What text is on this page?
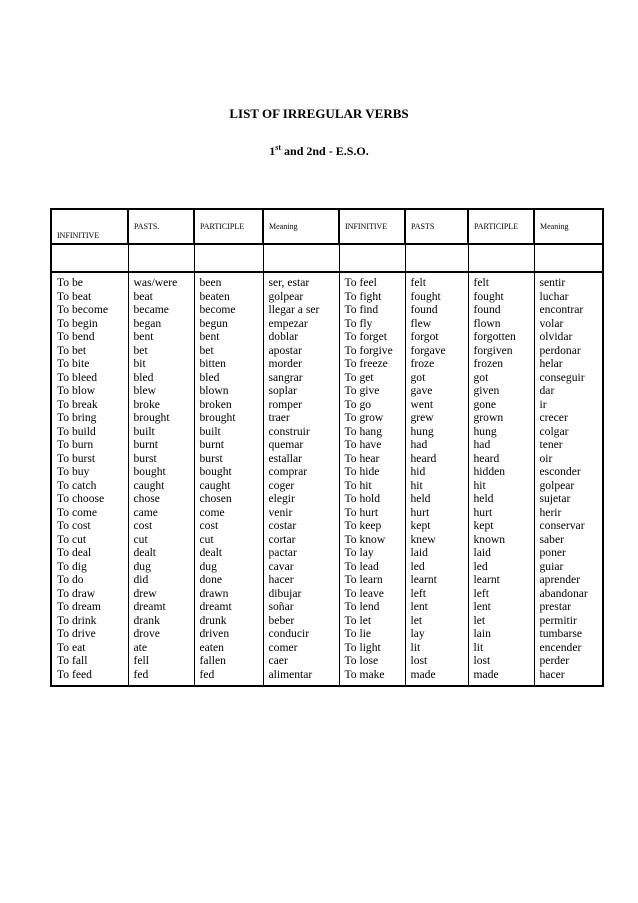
LIST OF IRREGULAR VERBS
1st and 2nd - E.S.O.
INFINITIVE	PASTS.	PARTICIPLE	Meaning	INFINITIVE	PASTS	PARTICIPLE	Meaning

To be	was/were	been	ser, estar	To feel	felt	felt	sentir
To beat	beat	beaten	golpear	To fight	fought	fought	luchar
To become	became	become	llegar a ser	To find	found	found	encontrar
To begin	began	begun	empezar	To fly	flew	flown	volar
To bend	bent	bent	doblar	To forget	forgot	forgotten	olvidar
To bet	bet	bet	apostar	To forgive	forgave	forgiven	perdonar
To bite	bit	bitten	morder	To freeze	froze	frozen	helar
To bleed	bled	bled	sangrar	To get	got	got	conseguir
To blow	blew	blown	soplar	To give	gave	given	dar
To break	broke	broken	romper	To go	went	gone	ir
To bring	brought	brought	traer	To grow	grew	grown	crecer
To build	built	built	construir	To hang	hung	hung	colgar
To burn	burnt	burnt	quemar	To have	had	had	tener
To burst	burst	burst	estallar	To hear	heard	heard	oir
To buy	bought	bought	comprar	To hide	hid	hidden	esconder
To catch	caught	caught	coger	To hit	hit	hit	golpear
To choose	chose	chosen	elegir	To hold	held	held	sujetar
To come	came	come	venir	To hurt	hurt	hurt	herir
To cost	cost	cost	costar	To keep	kept	kept	conservar
To cut	cut	cut	cortar	To know	knew	known	saber
To deal	dealt	dealt	pactar	To lay	laid	laid	poner
To dig	dug	dug	cavar	To lead	led	led	guiar
To do	did	done	hacer	To learn	learnt	learnt	aprender
To draw	drew	drawn	dibujar	To leave	left	left	abandonar
To dream	dreamt	dreamt	soñar	To lend	lent	lent	prestar
To drink	drank	drunk	beber	To let	let	let	permitir
To drive	drove	driven	conducir	To lie	lay	lain	tumbarse
To eat	ate	eaten	comer	To light	lit	lit	encender
To fall	fell	fallen	caer	To lose	lost	lost	perder
To feed	fed	fed	alimentar	To make	made	made	hacer
